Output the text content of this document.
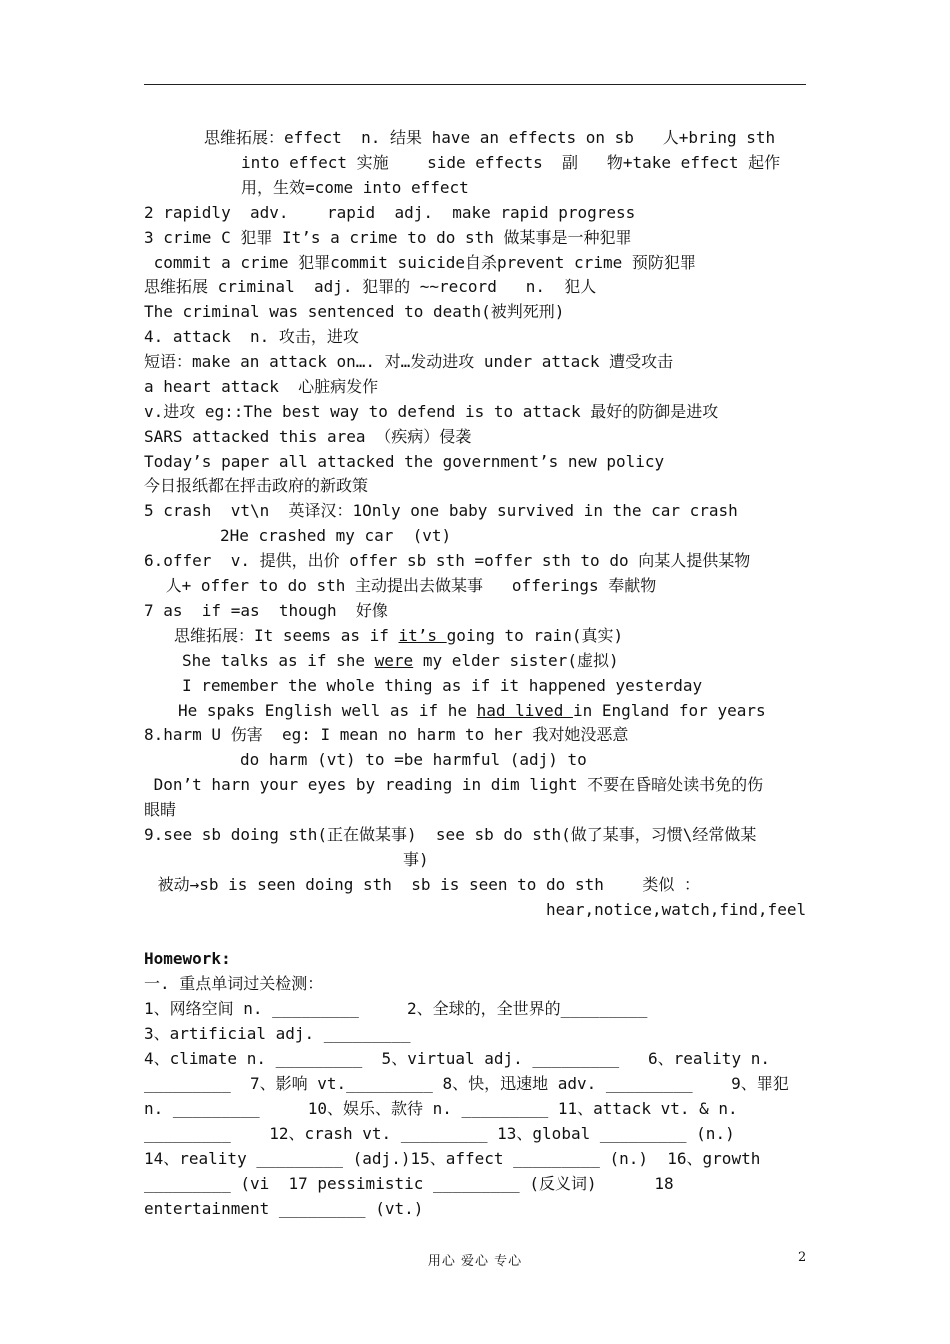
思维拓展：effect  n. 结果 have an effects on sb   人+bring sth
into effect 实施    side effects  副   物+take effect 起作
用，生效=come into effect
2 rapidly  adv.    rapid  adj.  make rapid progress
3 crime C 犯罪 It’s a crime to do sth 做某事是一种犯罪
commit a crime 犯罪commit suicide自杀prevent crime 预防犯罪
思维拓展 criminal  adj. 犯罪的 ~~record   n.  犯人
The criminal was sentenced to death(被判死刑)
4. attack  n. 攻击，进攻
短语：make an attack on…. 对…发动进攻 under attack 遭受攻击
a heart attack  心脏病发作
v.进攻 eg::The best way to defend is to attack 最好的防御是进攻
SARS attacked this area （疾病）侵袭
Today’s paper all attacked the government’s new policy
今日报纸都在抨击政府的新政策
5 crash  vt\n  英译汉：1Only one baby survived in the car crash
2He crashed my car  (vt)
6.offer  v. 提供，出价 offer sb sth =offer sth to do 向某人提供某物
人+ offer to do sth 主动提出去做某事   offerings 奉献物
7 as  if =as  though  好像
思维拓展：It seems as if it’s going to rain(真实)
She talks as if she were my elder sister(虚拟)
I remember the whole thing as if it happened yesterday
He spaks English well as if he had lived in England for years
8.harm U 伤害  eg: I mean no harm to her 我对她没恶意
do harm (vt) to =be harmful (adj) to
Don’t harn your eyes by reading in dim light 不要在昏暗处读书免的伤
眼睛
9.see sb doing sth(正在做某事)  see sb do sth(做了某事，习惯\经常做某
事)
被动→sb is seen doing sth  sb is seen to do sth    类似 ：
hear,notice,watch,find,feel
Homework:
一. 重点单词过关检测：
1、网络空间 n. _________     2、全球的，全世界的_________
3、artificial adj. _________
4、climate n. _________  5、virtual adj. _________   6、reality n.
_________  7、影响 vt._________ 8、快，迅速地 adv. _________    9、罪犯
n. _________     10、娱乐、款待 n. _________ 11、attack vt. & n.
_________    12、crash vt. _________ 13、global _________ (n.)
14、reality _________ (adj.)15、affect _________ (n.)  16、growth
_________ (vi  17 pessimistic _________ (反义词)      18
entertainment _________ (vt.)
用心 爱心 专心	2
